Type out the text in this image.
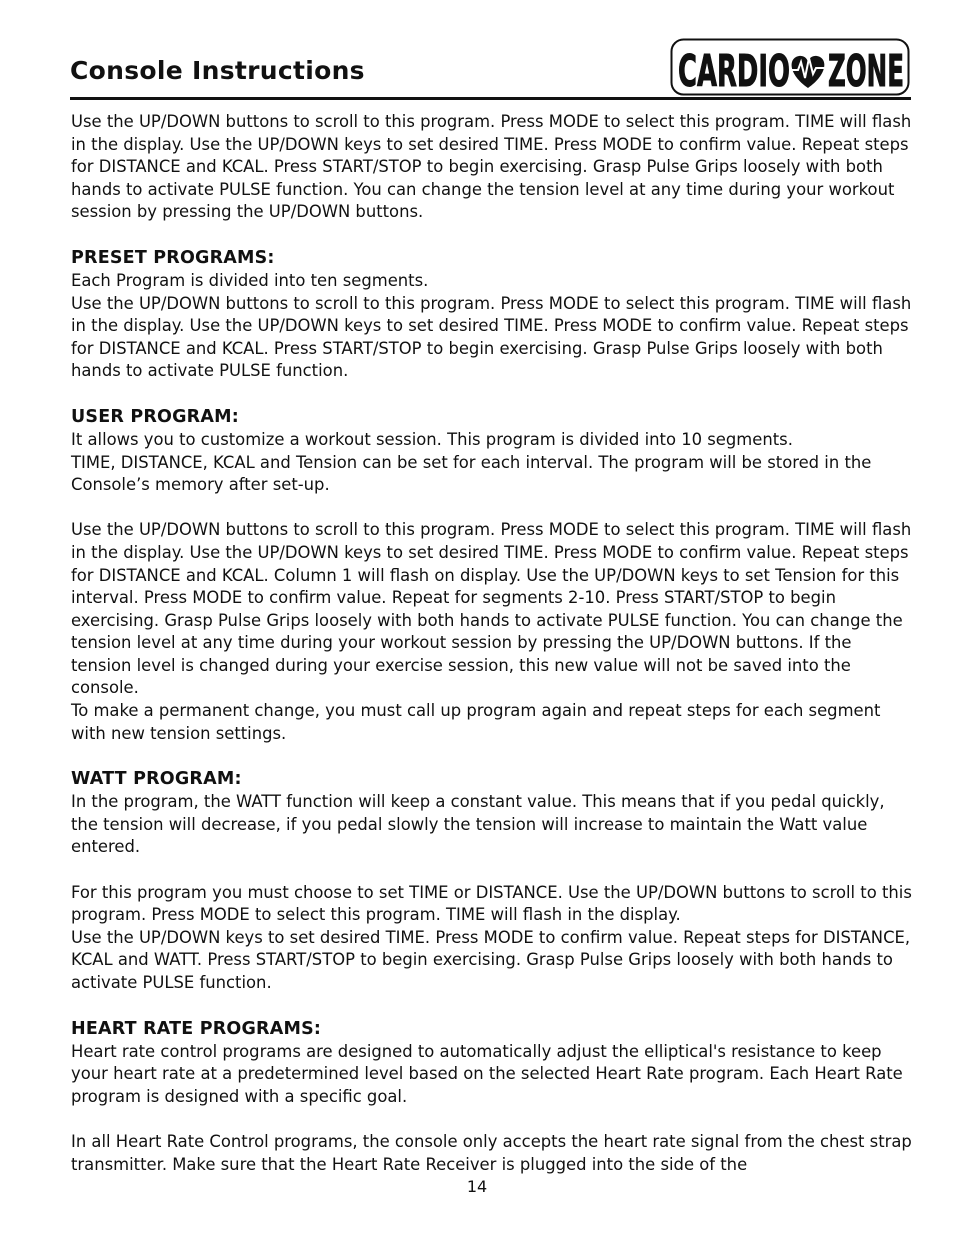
Console Instructions	CARDIO ZONE

Use the UP/DOWN buttons to scroll to this program. Press MODE to select this program. TIME will flash in the display. Use the UP/DOWN keys to set desired TIME. Press MODE to confirm value. Repeat steps for DISTANCE and KCAL. Press START/STOP to begin exercising. Grasp Pulse Grips loosely with both hands to activate PULSE function. You can change the tension level at any time during your workout session by pressing the UP/DOWN buttons.

PRESET PROGRAMS:

Each Program is divided into ten segments.

Use the UP/DOWN buttons to scroll to this program. Press MODE to select this program. TIME will flash in the display. Use the UP/DOWN keys to set desired TIME. Press MODE to confirm value. Repeat steps for DISTANCE and KCAL. Press START/STOP to begin exercising. Grasp Pulse Grips loosely with both hands to activate PULSE function.

USER PROGRAM:

It allows you to customize a workout session. This program is divided into 10 segments.

TIME, DISTANCE, KCAL and Tension can be set for each interval. The program will be stored in the Console’s memory after set-up.

Use the UP/DOWN buttons to scroll to this program. Press MODE to select this program. TIME will flash in the display. Use the UP/DOWN keys to set desired TIME. Press MODE to confirm value. Repeat steps for DISTANCE and KCAL. Column 1 will flash on display. Use the UP/DOWN keys to set Tension for this interval. Press MODE to confirm value. Repeat for segments 2-10. Press START/STOP to begin exercising. Grasp Pulse Grips loosely with both hands to activate PULSE function. You can change the tension level at any time during your workout session by pressing the UP/DOWN buttons. If the tension level is changed during your exercise session, this new value will not be saved into the console.

To make a permanent change, you must call up program again and repeat steps for each segment with new tension settings.

WATT PROGRAM:

In the program, the WATT function will keep a constant value. This means that if you pedal quickly, the tension will decrease, if you pedal slowly the tension will increase to maintain the Watt value entered.

For this program you must choose to set TIME or DISTANCE. Use the UP/DOWN buttons to scroll to this program. Press MODE to select this program. TIME will flash in the display.

Use the UP/DOWN keys to set desired TIME. Press MODE to confirm value. Repeat steps for DISTANCE, KCAL and WATT. Press START/STOP to begin exercising. Grasp Pulse Grips loosely with both hands to activate PULSE function.

HEART RATE PROGRAMS:

Heart rate control programs are designed to automatically adjust the elliptical's resistance to keep your heart rate at a predetermined level based on the selected Heart Rate program. Each Heart Rate program is designed with a specific goal.

In all Heart Rate Control programs, the console only accepts the heart rate signal from the chest strap transmitter. Make sure that the Heart Rate Receiver is plugged into the side of the

14
